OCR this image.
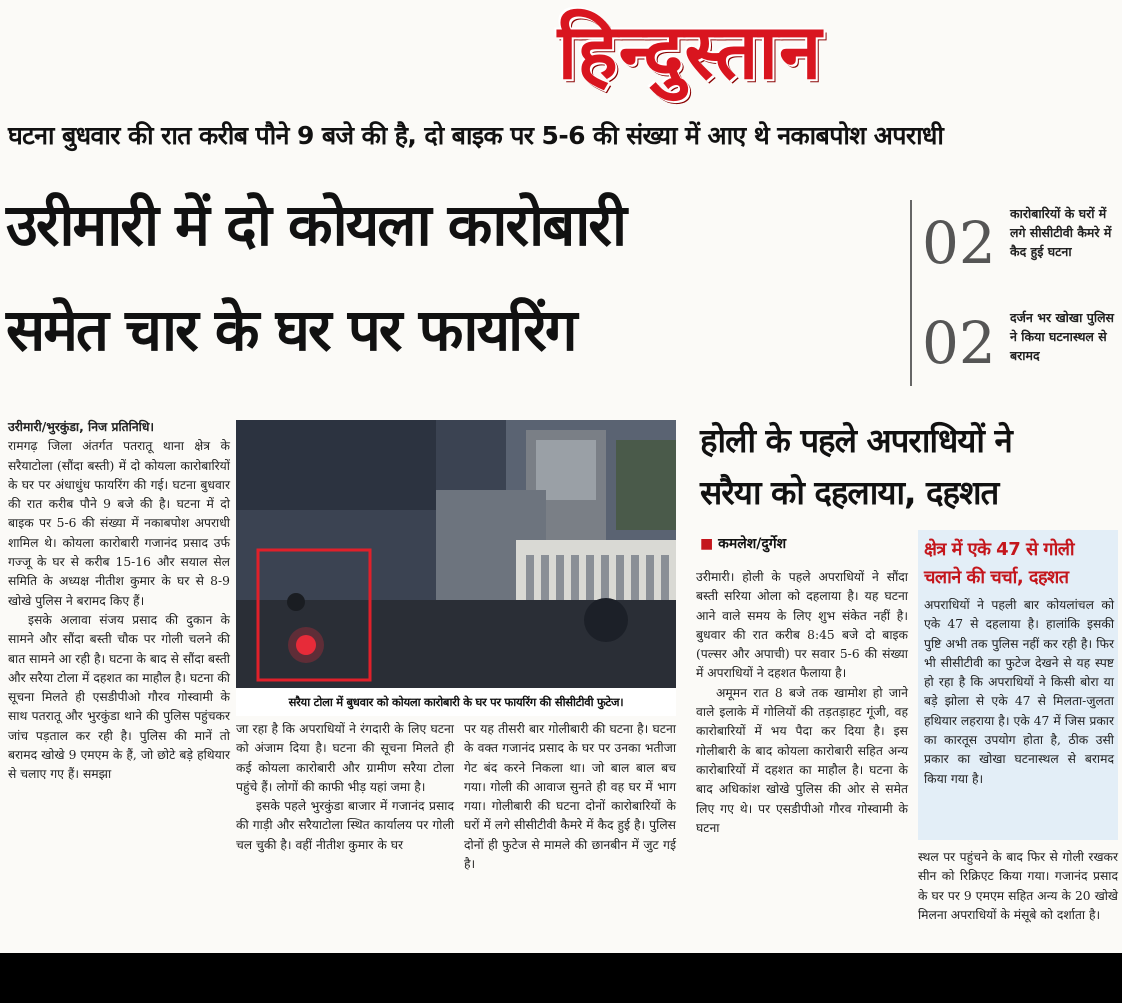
हिन्दुस्तान
घटना बुधवार की रात करीब पौने 9 बजे की है, दो बाइक पर 5-6 की संख्या में आए थे नकाबपोश अपराधी
उरीमारी में दो कोयला कारोबारी
समेत चार के घर पर फायरिंग
02 कारोबारियों के घरों में लगे सीसीटीवी कैमरे में कैद हुई घटना
02 दर्जन भर खोखा पुलिस ने किया घटनास्थल से बरामद

उरीमारी/भुरकुंडा, निज प्रतिनिधि।

रामगढ़ जिला अंतर्गत पतरातू थाना क्षेत्र के सरैयाटोला (सौंदा बस्ती) में दो कोयला कारोबारियों के घर पर अंधाधुंध फायरिंग की गई। घटना बुधवार की रात करीब पौने 9 बजे की है। घटना में दो बाइक पर 5-6 की संख्या में नकाबपोश अपराधी शामिल थे। कोयला कारोबारी गजानंद प्रसाद उर्फ गज्जू के घर से करीब 15-16 और सयाल सेल समिति के अध्यक्ष नीतीश कुमार के घर से 8-9 खोखे पुलिस ने बरामद किए हैं।

इसके अलावा संजय प्रसाद की दुकान के सामने और सौंदा बस्ती चौक पर गोली चलने की बात सामने आ रही है। घटना के बाद से सौंदा बस्ती और सरैया टोला में दहशत का माहौल है। घटना की सूचना मिलते ही एसडीपीओ गौरव गोस्वामी के साथ पतरातू और भुरकुंडा थाने की पुलिस पहुंचकर जांच पड़ताल कर रही है। पुलिस की मानें तो बरामद खोखे 9 एमएम के हैं, जो छोटे बड़े हथियार से चलाए गए हैं। समझा

सरैया टोला में बुधवार को कोयला कारोबारी के घर पर फायरिंग की सीसीटीवी फुटेज।

जा रहा है कि अपराधियों ने रंगदारी के लिए घटना को अंजाम दिया है। घटना की सूचना मिलते ही कई कोयला कारोबारी और ग्रामीण सरैया टोला पहुंचे हैं। लोगों की काफी भीड़ यहां जमा है।

इसके पहले भुरकुंडा बाजार में गजानंद प्रसाद की गाड़ी और सरैयाटोला स्थित कार्यालय पर गोली चल चुकी है। वहीं नीतीश कुमार के घर

पर यह तीसरी बार गोलीबारी की घटना है। घटना के वक्त गजानंद प्रसाद के घर पर उनका भतीजा गेट बंद करने निकला था। जो बाल बाल बच गया। गोली की आवाज सुनते ही वह घर में भाग गया। गोलीबारी की घटना दोनों कारोबारियों के घरों में लगे सीसीटीवी कैमरे में कैद हुई है। पुलिस दोनों ही फुटेज से मामले की छानबीन में जुट गई है।

होली के पहले अपराधियों ने
सरैया को दहलाया, दहशत
■ कमलेश/दुर्गेश

उरीमारी। होली के पहले अपराधियों ने सौंदा बस्ती सरिया ओला को दहलाया है। यह घटना आने वाले समय के लिए शुभ संकेत नहीं है। बुधवार की रात करीब 8:45 बजे दो बाइक (पल्सर और अपाची) पर सवार 5-6 की संख्या में अपराधियों ने दहशत फैलाया है।

अमूमन रात 8 बजे तक खामोश हो जाने वाले इलाके में गोलियों की तड़तड़ाहट गूंजी, वह कारोबारियों में भय पैदा कर दिया है। इस गोलीबारी के बाद कोयला कारोबारी सहित अन्य कारोबारियों में दहशत का माहौल है। घटना के बाद अधिकांश खोखे पुलिस की ओर से समेत लिए गए थे। पर एसडीपीओ गौरव गोस्वामी के घटना

क्षेत्र में एके 47 से गोली चलाने की चर्चा, दहशत

अपराधियों ने पहली बार कोयलांचल को एके 47 से दहलाया है। हालांकि इसकी पुष्टि अभी तक पुलिस नहीं कर रही है। फिर भी सीसीटीवी का फुटेज देखने से यह स्पष्ट हो रहा है कि अपराधियों ने किसी बोरा या बड़े झोला से एके 47 से मिलता-जुलता हथियार लहराया है। एके 47 में जिस प्रकार का कारतूस उपयोग होता है, ठीक उसी प्रकार का खोखा घटनास्थल से बरामद किया गया है।

स्थल पर पहुंचने के बाद फिर से गोली रखकर सीन को रिक्रिएट किया गया। गजानंद प्रसाद के घर पर 9 एमएम सहित अन्य के 20 खोखे मिलना अपराधियों के मंसूबे को दर्शाता है।
